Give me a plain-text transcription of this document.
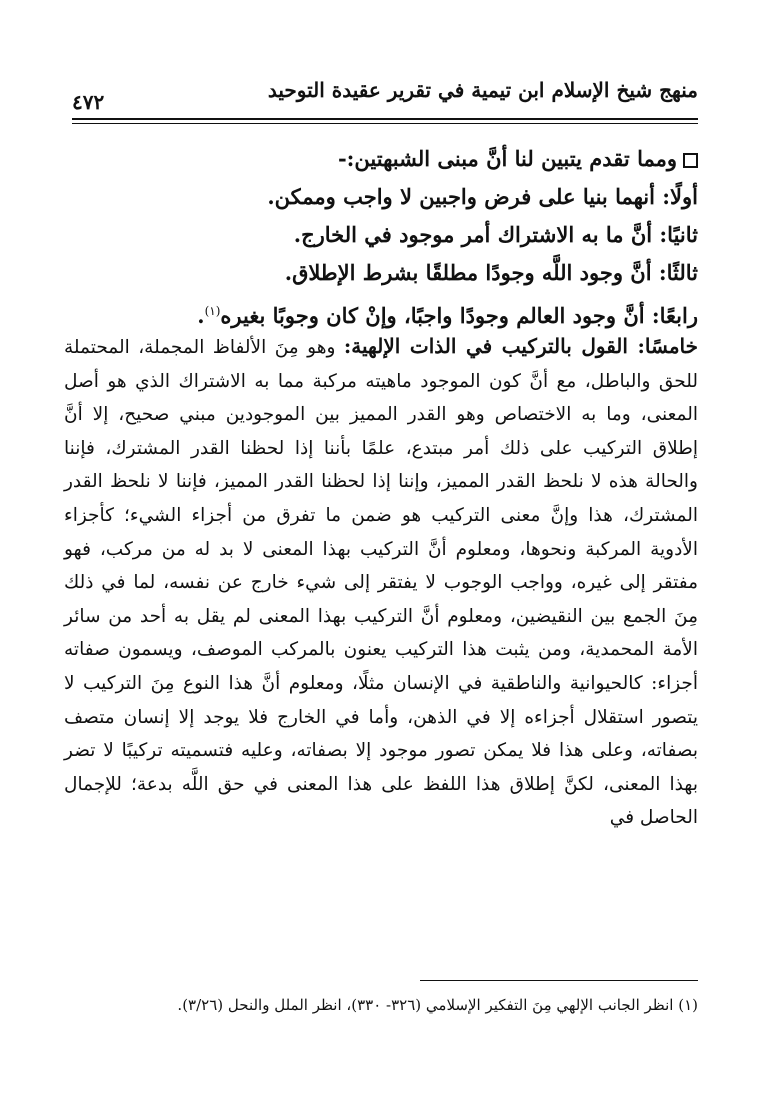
منهج شيخ الإسلام ابن تيمية في تقرير عقيدة التوحيد
٤٧٢
ومما تقدم يتبين لنا أنَّ مبنى الشبهتين:-
أولًا: أنهما بنيا على فرض واجبين لا واجب وممكن.
ثانيًا: أنَّ ما به الاشتراك أمر موجود في الخارج.
ثالثًا: أنَّ وجود اللَّه وجودًا مطلقًا بشرط الإطلاق.
رابعًا: أنَّ وجود العالم وجودًا واجبًا، وإنْ كان وجوبًا بغيره$^{(١)}$.

خامسًا: القول بالتركيب في الذات الإلهية: وهو مِنَ الألفاظ المجملة، المحتملة للحق والباطل، مع أنَّ كون الموجود ماهيته مركبة مما به الاشتراك الذي هو أصل المعنى، وما به الاختصاص وهو القدر المميز بين الموجودين مبني صحيح، إلا أنَّ إطلاق التركيب على ذلك أمر مبتدع، علمًا بأننا إذا لحظنا القدر المشترك، فإننا والحالة هذه لا نلحظ القدر المميز، وإننا إذا لحظنا القدر المميز، فإننا لا نلحظ القدر المشترك، هذا وإنَّ معنى التركيب هو ضمن ما تفرق من أجزاء الشيء؛ كأجزاء الأدوية المركبة ونحوها، ومعلوم أنَّ التركيب بهذا المعنى لا بد له من مركب، فهو مفتقر إلى غيره، وواجب الوجوب لا يفتقر إلى شيء خارج عن نفسه، لما في ذلك مِنَ الجمع بين النقيضين، ومعلوم أنَّ التركيب بهذا المعنى لم يقل به أحد من سائر الأمة المحمدية، ومن يثبت هذا التركيب يعنون بالمركب الموصف، ويسمون صفاته أجزاء: كالحيوانية والناطقية في الإنسان مثلًا، ومعلوم أنَّ هذا النوع مِنَ التركيب لا يتصور استقلال أجزاءه إلا في الذهن، وأما في الخارج فلا يوجد إلا إنسان متصف بصفاته، وعلى هذا فلا يمكن تصور موجود إلا بصفاته، وعليه فتسميته تركيبًا لا تضر بهذا المعنى، لكنَّ إطلاق هذا اللفظ على هذا المعنى في حق اللَّه بدعة؛ للإجمال الحاصل في

(١) انظر الجانب الإلهي مِنَ التفكير الإسلامي (٣٢٦- ٣٣٠)، انظر الملل والنحل (٣/٢٦).
